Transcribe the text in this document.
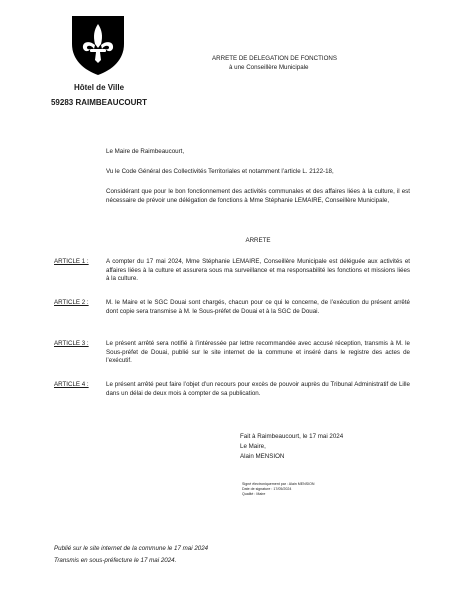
Hôtel de Ville
59283 RAIMBEAUCOURT
ARRETE DE DELEGATION DE FONCTIONS
à une Conseillère Municipale
Le Maire de Raimbeaucourt,
Vu le Code Général des Collectivités Territoriales et notamment l’article L. 2122-18,
Considérant que pour le bon fonctionnement des activités communales et des affaires liées à la culture, il est nécessaire de prévoir une délégation de fonctions à Mme Stéphanie LEMAIRE, Conseillère Municipale,
ARRETE
ARTICLE 1 :	A compter du 17 mai 2024, Mme Stéphanie LEMAIRE, Conseillère Municipale est déléguée aux activités et affaires liées à la culture et assurera sous ma surveillance et ma responsabilité les fonctions et missions liées à la culture.
ARTICLE 2 :	M. le Maire et le SGC Douai sont chargés, chacun pour ce qui le concerne, de l’exécution du présent arrêté dont copie sera transmise à M. le Sous-préfet de Douai et à la SGC de Douai.
ARTICLE 3 :	Le présent arrêté sera notifié à l’intéressée par lettre recommandée avec accusé réception, transmis à M. le Sous-préfet de Douai, publié sur le site internet de la commune et inséré dans le registre des actes de l’exécutif.
ARTICLE 4 :	Le présent arrêté peut faire l’objet d’un recours pour excès de pouvoir auprès du Tribunal Administratif de Lille dans un délai de deux mois à compter de sa publication.
Fait à Raimbeaucourt, le 17 mai 2024
Le Maire,
Alain MENSION
Signé électroniquement par : Alain MENSION
Date de signature : 17/05/2024
Qualité : Maire
Publié sur le site internet de la commune le 17 mai 2024
Transmis en sous-préfecture le 17 mai 2024.
